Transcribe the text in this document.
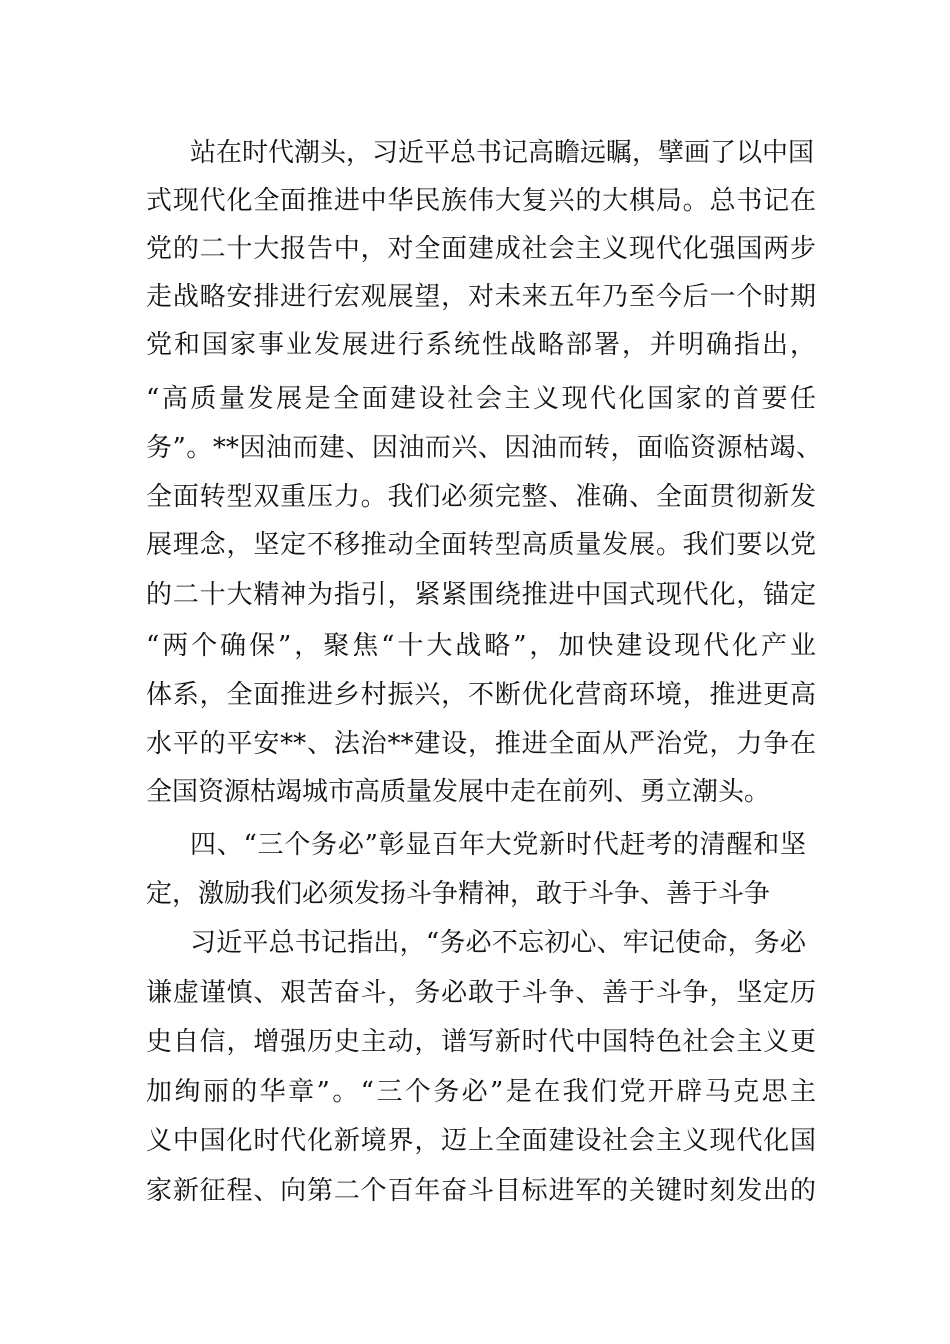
站在时代潮头，习近平总书记高瞻远瞩，擘画了以中国
式现代化全面推进中华民族伟大复兴的大棋局。总书记在
党的二十大报告中，对全面建成社会主义现代化强国两步
走战略安排进行宏观展望，对未来五年乃至今后一个时期
党和国家事业发展进行系统性战略部署，并明确指出，
“高质量发展是全面建设社会主义现代化国家的首要任
务”。**因油而建、因油而兴、因油而转，面临资源枯竭、
全面转型双重压力。我们必须完整、准确、全面贯彻新发
展理念，坚定不移推动全面转型高质量发展。我们要以党
的二十大精神为指引，紧紧围绕推进中国式现代化，锚定
“两个确保”，聚焦“十大战略”，加快建设现代化产业
体系，全面推进乡村振兴，不断优化营商环境，推进更高
水平的平安**、法治**建设，推进全面从严治党，力争在
全国资源枯竭城市高质量发展中走在前列、勇立潮头。
四、“三个务必”彰显百年大党新时代赶考的清醒和坚
定，激励我们必须发扬斗争精神，敢于斗争、善于斗争
习近平总书记指出，“务必不忘初心、牢记使命，务必
谦虚谨慎、艰苦奋斗，务必敢于斗争、善于斗争，坚定历
史自信，增强历史主动，谱写新时代中国特色社会主义更
加绚丽的华章”。“三个务必”是在我们党开辟马克思主
义中国化时代化新境界，迈上全面建设社会主义现代化国
家新征程、向第二个百年奋斗目标进军的关键时刻发出的
